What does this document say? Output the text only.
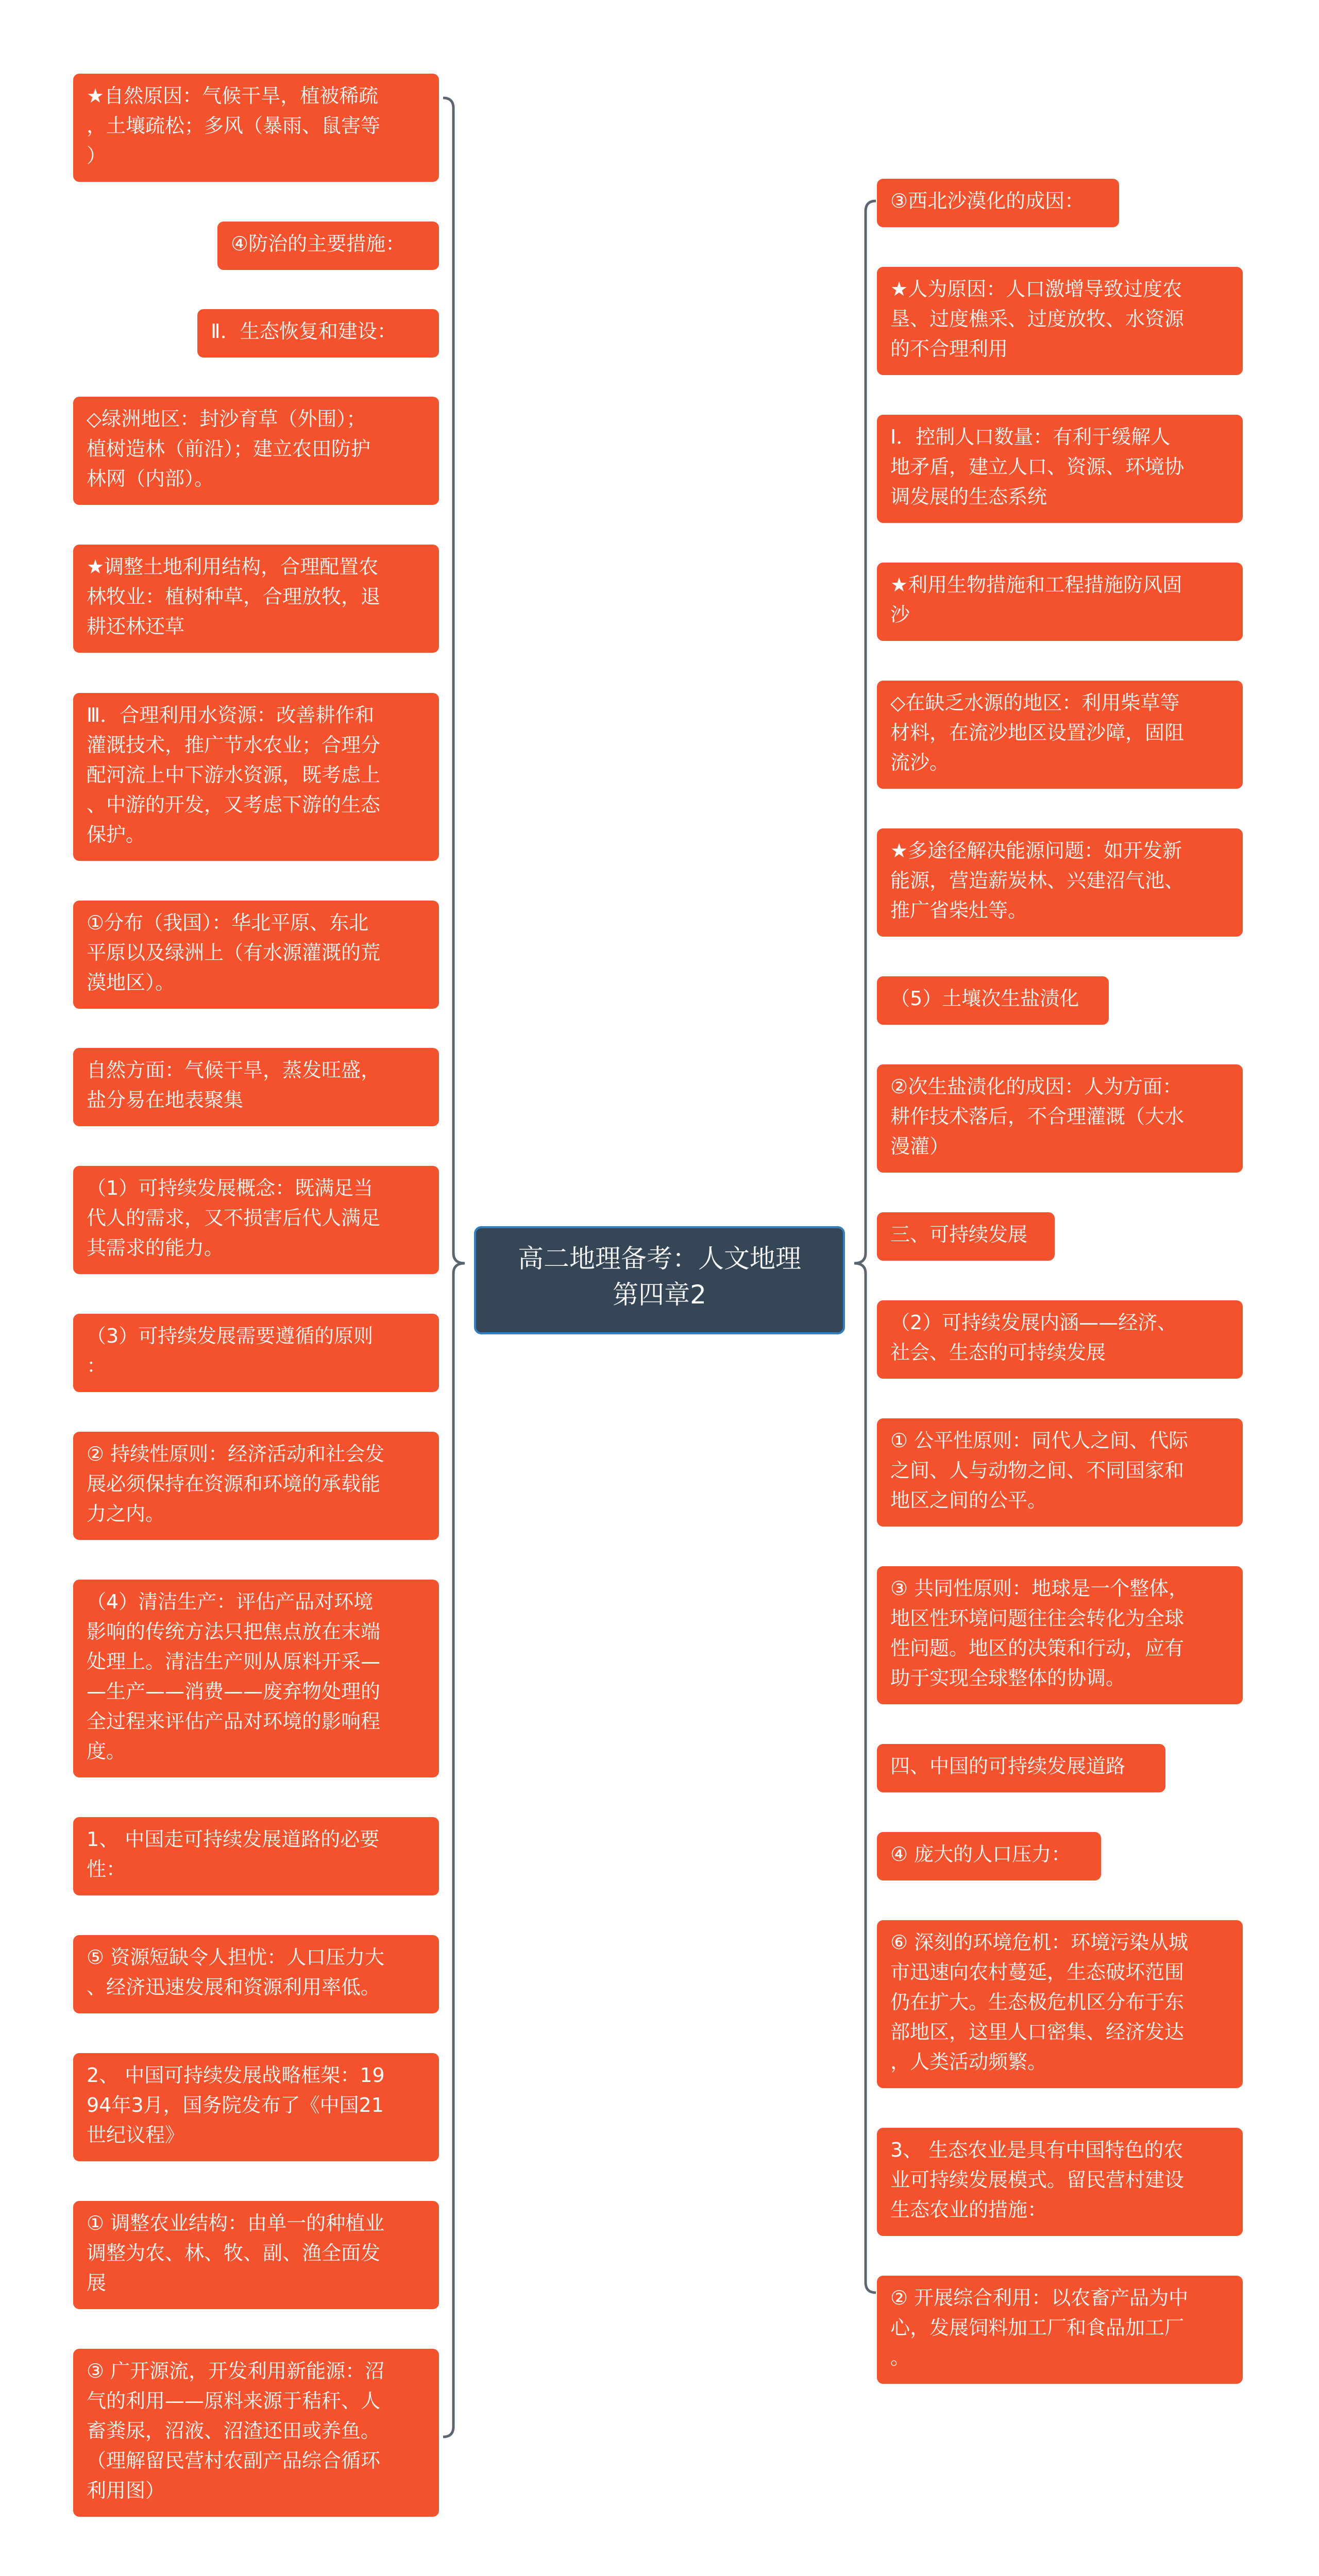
高二地理备考：人文地理
第四章2
★自然原因：气候干旱，植被稀疏
，土壤疏松；多风（暴雨、鼠害等
）
④防治的主要措施：
Ⅱ．生态恢复和建设：
◇绿洲地区：封沙育草（外围）；
植树造林（前沿）；建立农田防护
林网（内部）。
★调整土地利用结构，合理配置农
林牧业：植树种草，合理放牧，退
耕还林还草
Ⅲ．合理利用水资源：改善耕作和
灌溉技术，推广节水农业；合理分
配河流上中下游水资源，既考虑上
、中游的开发，又考虑下游的生态
保护。
①分布（我国）：华北平原、东北
平原以及绿洲上（有水源灌溉的荒
漠地区）。
自然方面：气候干旱，蒸发旺盛，
盐分易在地表聚集
（1）可持续发展概念：既满足当
代人的需求，又不损害后代人满足
其需求的能力。
（3）可持续发展需要遵循的原则
：
② 持续性原则：经济活动和社会发
展必须保持在资源和环境的承载能
力之内。
（4）清洁生产：评估产品对环境
影响的传统方法只把焦点放在末端
处理上。清洁生产则从原料开采—
—生产——消费——废弃物处理的
全过程来评估产品对环境的影响程
度。
1、 中国走可持续发展道路的必要
性：
⑤ 资源短缺令人担忧：人口压力大
、经济迅速发展和资源利用率低。
2、 中国可持续发展战略框架：19
94年3月，国务院发布了《中国21
世纪议程》
① 调整农业结构：由单一的种植业
调整为农、林、牧、副、渔全面发
展
③ 广开源流，开发利用新能源：沼
气的利用——原料来源于秸秆、人
畜粪尿，沼液、沼渣还田或养鱼。
（理解留民营村农副产品综合循环
利用图）
③西北沙漠化的成因：
★人为原因：人口激增导致过度农
垦、过度樵采、过度放牧、水资源
的不合理利用
Ⅰ．控制人口数量：有利于缓解人
地矛盾，建立人口、资源、环境协
调发展的生态系统
★利用生物措施和工程措施防风固
沙
◇在缺乏水源的地区：利用柴草等
材料，在流沙地区设置沙障，固阻
流沙。
★多途径解决能源问题：如开发新
能源，营造薪炭林、兴建沼气池、
推广省柴灶等。
（5）土壤次生盐渍化
②次生盐渍化的成因：人为方面：
耕作技术落后，不合理灌溉（大水
漫灌）
三、可持续发展
（2）可持续发展内涵——经济、
社会、生态的可持续发展
① 公平性原则：同代人之间、代际
之间、人与动物之间、不同国家和
地区之间的公平。
③ 共同性原则：地球是一个整体，
地区性环境问题往往会转化为全球
性问题。地区的决策和行动，应有
助于实现全球整体的协调。
四、中国的可持续发展道路
④ 庞大的人口压力：
⑥ 深刻的环境危机：环境污染从城
市迅速向农村蔓延，生态破坏范围
仍在扩大。生态极危机区分布于东
部地区，这里人口密集、经济发达
，人类活动频繁。
3、 生态农业是具有中国特色的农
业可持续发展模式。留民营村建设
生态农业的措施：
② 开展综合利用：以农畜产品为中
心，发展饲料加工厂和食品加工厂
。
